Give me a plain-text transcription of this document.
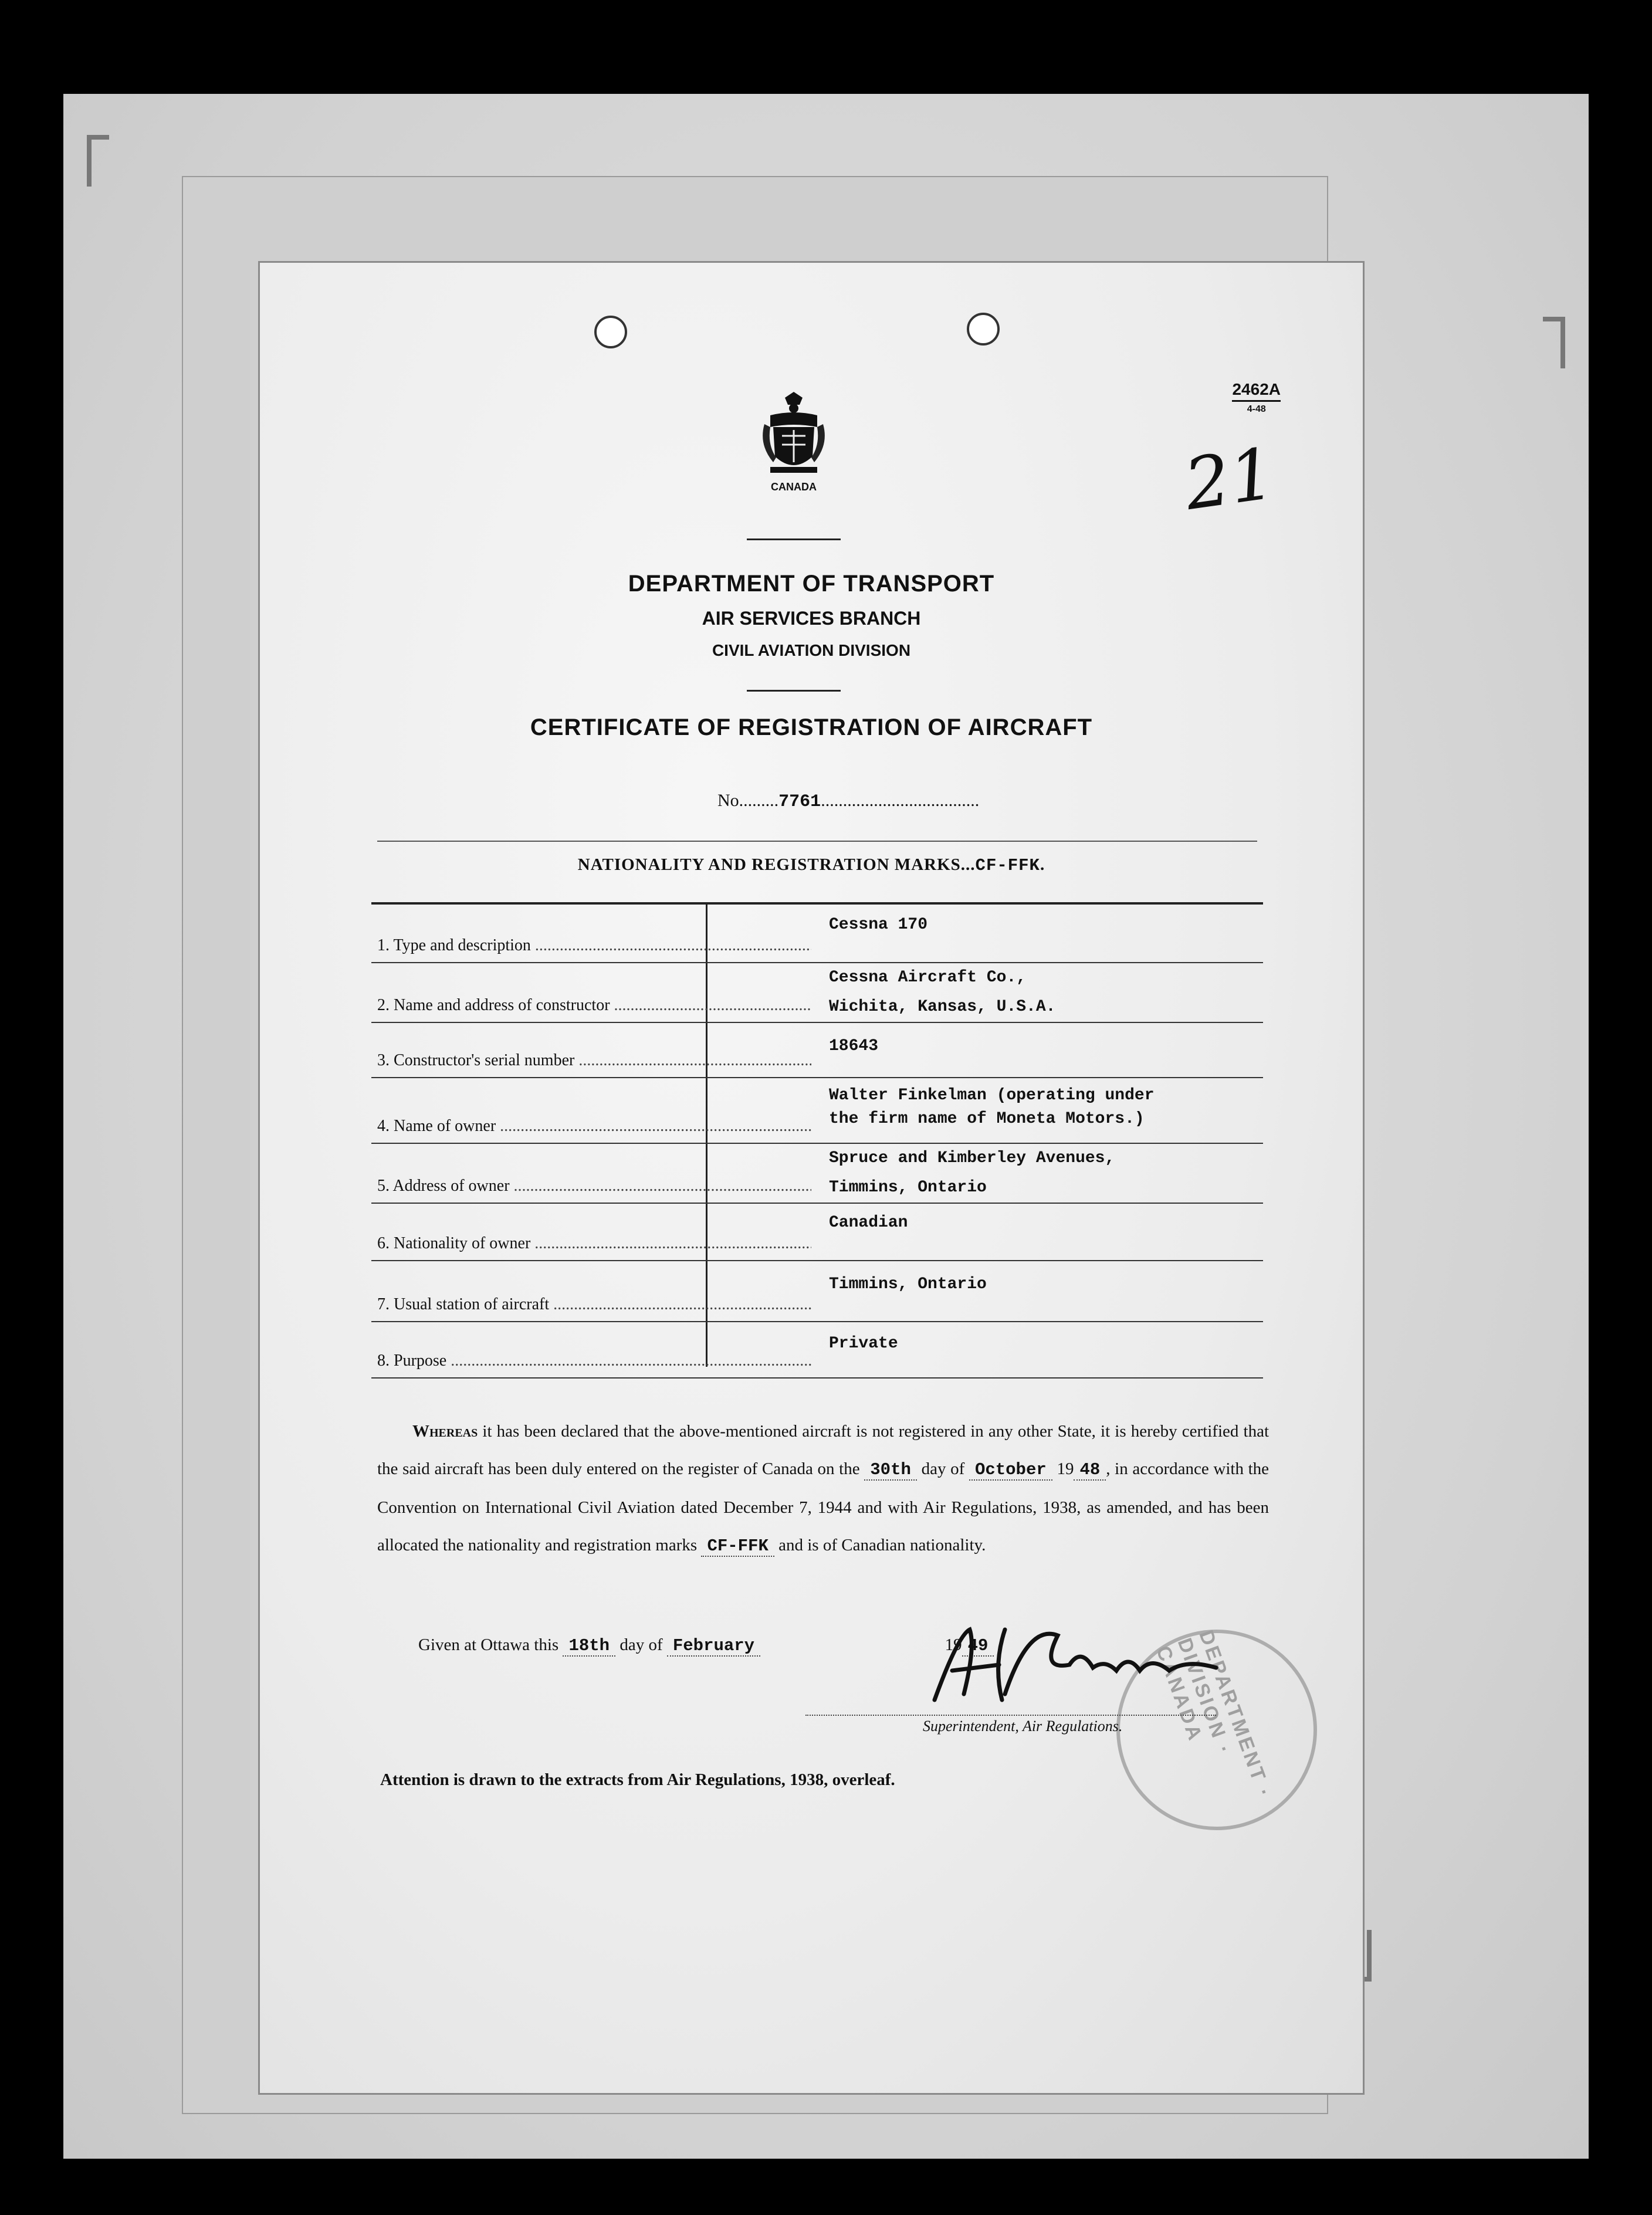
2462A
4-48
21
CANADA
DEPARTMENT OF TRANSPORT
AIR SERVICES BRANCH
CIVIL AVIATION DIVISION
CERTIFICATE OF REGISTRATION OF AIRCRAFT
No.........7761....................................
NATIONALITY AND REGISTRATION MARKS...CF-FFK.
1. Type and description .....
Cessna 170
2. Name and address of constructor .....
Cessna Aircraft Co.,
Wichita, Kansas, U.S.A.
3. Constructor's serial number .....
18643
4. Name of owner .....
Walter Finkelman (operating under
the firm name of Moneta Motors.)
5. Address of owner .....
Spruce and Kimberley Avenues,
Timmins, Ontario
6. Nationality of owner .....
Canadian
7. Usual station of aircraft .....
Timmins, Ontario
8. Purpose .....
Private
Whereas it has been declared that the above-mentioned aircraft is not registered in any other State, it is hereby certified that the said aircraft has been duly entered on the register of Canada on the 30th day of October 19 48 , in accordance with the Convention on International Civil Aviation dated December 7, 1944 and with Air Regulations, 1938, as amended, and has been allocated the nationality and registration marks CF-FFK and is of Canadian nationality.
Given at Ottawa this 18th day of February	19 49	DEPARTMENT · DIVISION · CANADA
Superintendent, Air Regulations.
Attention is drawn to the extracts from Air Regulations, 1938, overleaf.
